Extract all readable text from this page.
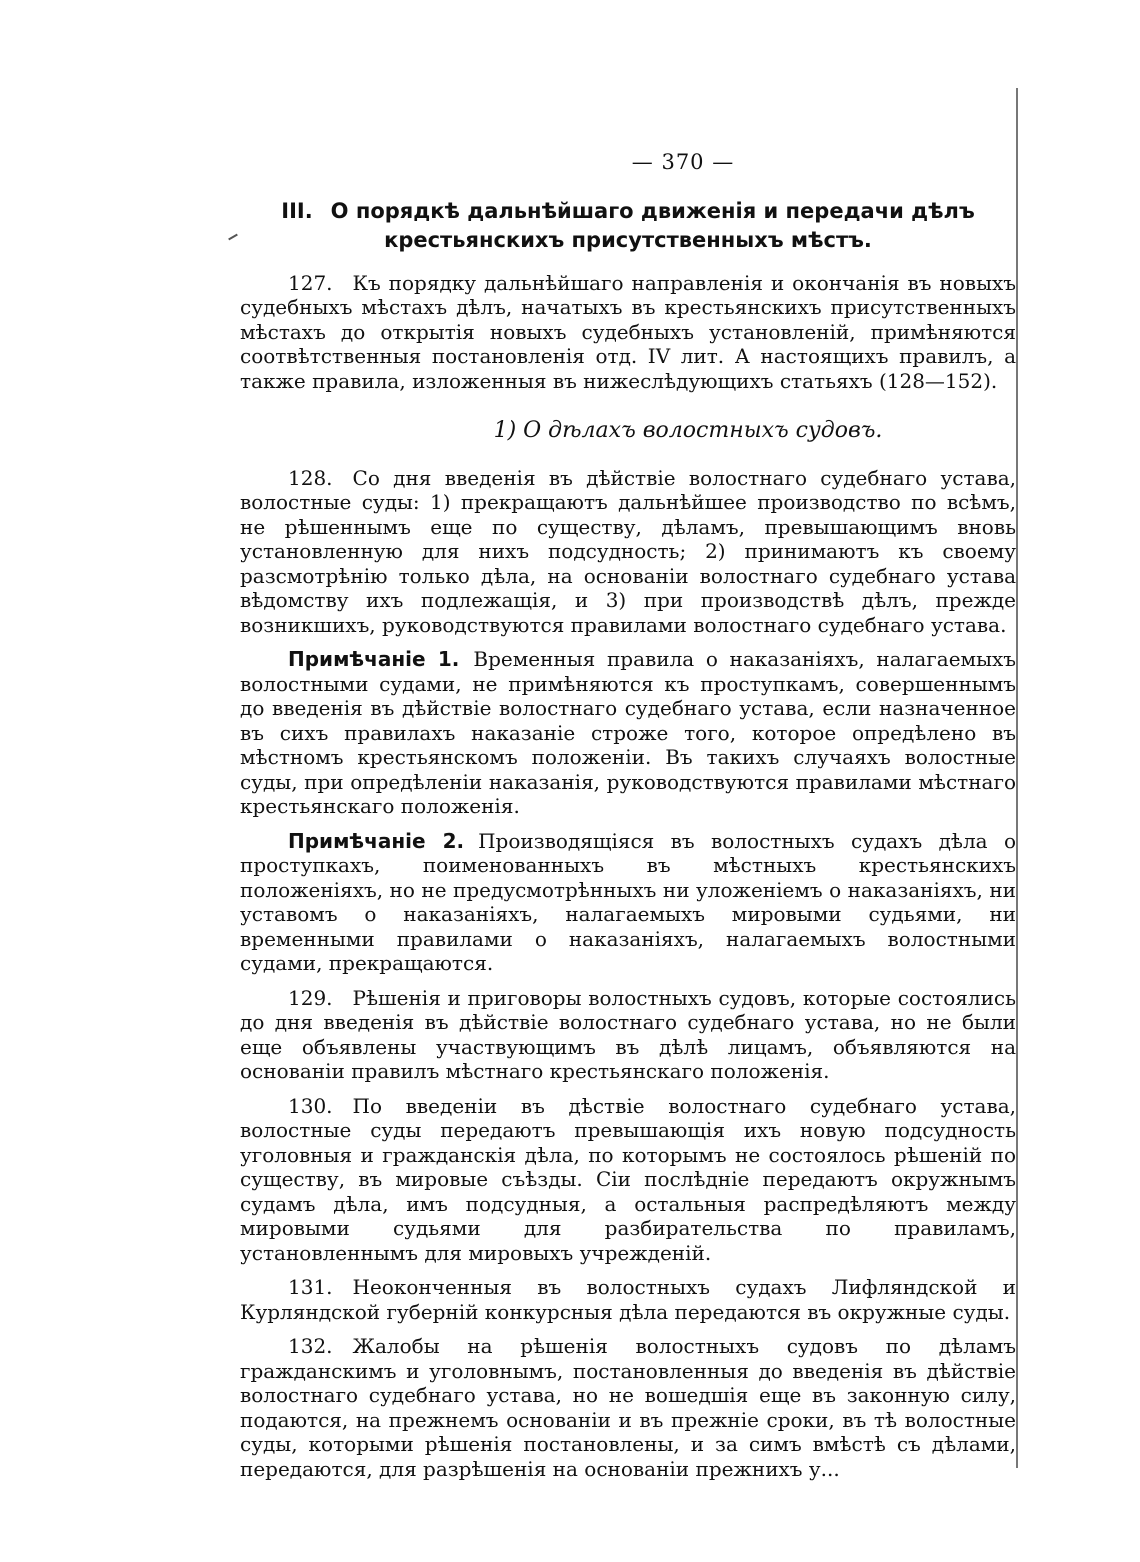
— 370 —
III. О порядкѣ дальнѣйшаго движенія и передачи дѣлъ крестьянскихъ присутственныхъ мѣстъ.

127. Къ порядку дальнѣйшаго направленія и окончанія въ новыхъ судебныхъ мѣстахъ дѣлъ, начатыхъ въ крестьянскихъ присутственныхъ мѣстахъ до открытія новыхъ судебныхъ установленій, примѣняются соотвѣтственныя постановленія отд. IV лит. А настоящихъ правилъ, а также правила, изложенныя въ нижеслѣдующихъ статьяхъ (128—152).

1) О дѣлахъ волостныхъ судовъ.

128. Со дня введенія въ дѣйствіе волостнаго судебнаго устава, волостные суды: 1) прекращаютъ дальнѣйшее производство по всѣмъ, не рѣшеннымъ еще по существу, дѣламъ, превышающимъ вновь установленную для нихъ подсудность; 2) принимаютъ къ своему разсмотрѣнію только дѣла, на основаніи волостнаго судебнаго устава вѣдомству ихъ подлежащія, и 3) при производствѣ дѣлъ, прежде возникшихъ, руководствуются правилами волостнаго судебнаго устава.

Примѣчаніе 1. Временныя правила о наказаніяхъ, налагаемыхъ волостными судами, не примѣняются къ проступкамъ, совершеннымъ до введенія въ дѣйствіе волостнаго судебнаго устава, если назначенное въ сихъ правилахъ наказаніе строже того, которое опредѣлено въ мѣстномъ крестьянскомъ положеніи. Въ такихъ случаяхъ волостные суды, при опредѣленіи наказанія, руководствуются правилами мѣстнаго крестьянскаго положенія.

Примѣчаніе 2. Производящіяся въ волостныхъ судахъ дѣла о проступкахъ, поименованныхъ въ мѣстныхъ крестьянскихъ положеніяхъ, но не предусмотрѣнныхъ ни уложеніемъ о наказаніяхъ, ни уставомъ о наказаніяхъ, налагаемыхъ мировыми судьями, ни временными правилами о наказаніяхъ, налагаемыхъ волостными судами, прекращаются.

129. Рѣшенія и приговоры волостныхъ судовъ, которые состоялись до дня введенія въ дѣйствіе волостнаго судебнаго устава, но не были еще объявлены участвующимъ въ дѣлѣ лицамъ, объявляются на основаніи правилъ мѣстнаго крестьянскаго положенія.

130. По введеніи въ дѣствіе волостнаго судебнаго устава, волостные суды передаютъ превышающія ихъ новую подсудность уголовныя и гражданскія дѣла, по которымъ не состоялось рѣшеній по существу, въ мировые съѣзды. Сіи послѣдніе передаютъ окружнымъ судамъ дѣла, имъ подсудныя, а остальныя распредѣляютъ между мировыми судьями для разбирательства по правиламъ, установленнымъ для мировыхъ учрежденій.

131. Неоконченныя въ волостныхъ судахъ Лифляндской и Курляндской губерній конкурсныя дѣла передаются въ окружные суды.

132. Жалобы на рѣшенія волостныхъ судовъ по дѣламъ гражданскимъ и уголовнымъ, постановленныя до введенія въ дѣйствіе волостнаго судебнаго устава, но не вошедшія еще въ законную силу, подаются, на прежнемъ основаніи и въ прежніе сроки, въ тѣ волостные суды, которыми рѣшенія постановлены, и за симъ вмѣстѣ съ дѣлами, передаются, для разрѣшенія на основаніи прежнихъ у...
